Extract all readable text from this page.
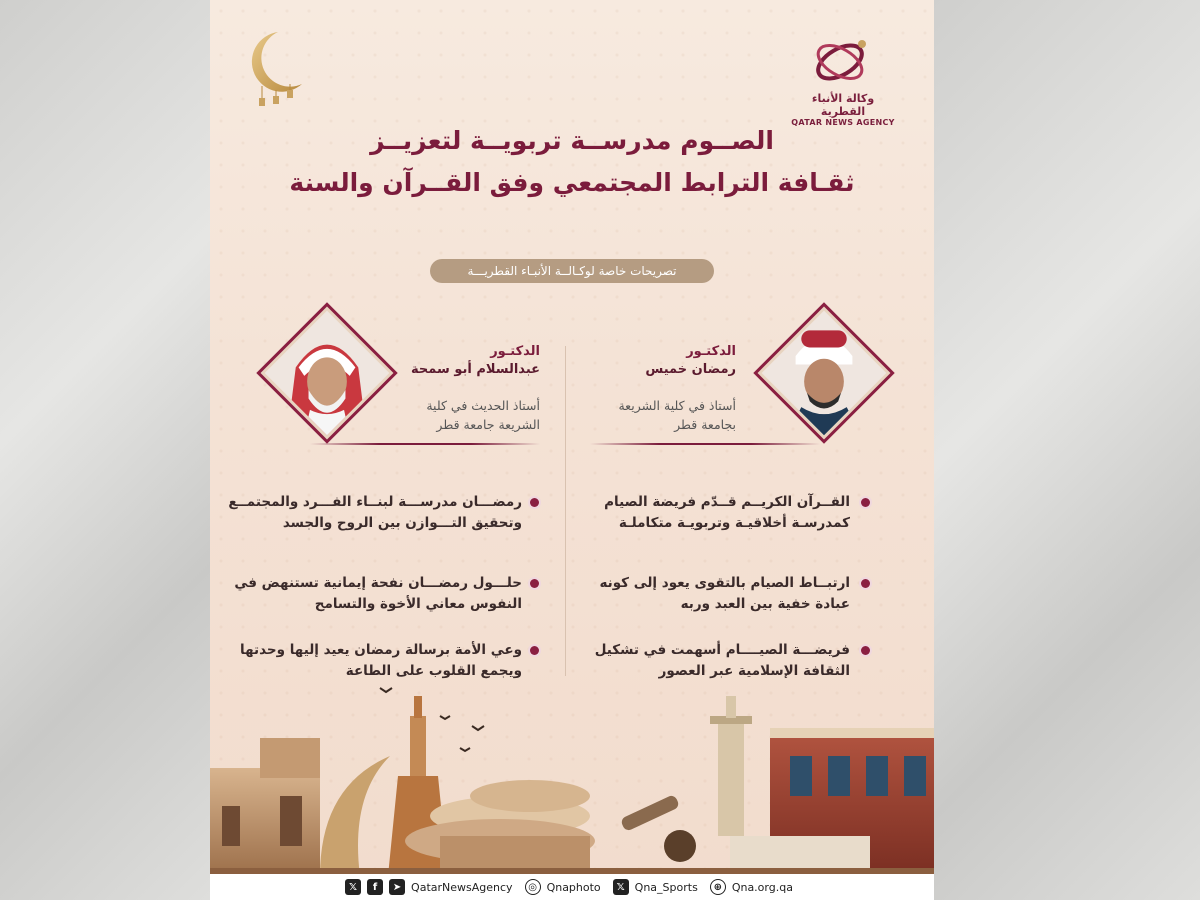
وكالة الأنباء القطرية
QATAR NEWS AGENCY
الصــوم مدرســة تربويــة لتعزيــز
ثقـافة الترابط المجتمعي وفق القــرآن والسنة
تصريحات خاصة لوكـالــة الأنبـاء القطريـــة
الدكتـور
عبدالسلام أبو سمحة
أستاذ الحديث في كلية
الشريعة جامعة قطر
الدكتـور
رمضان خميس
أستاذ في كلية الشريعة
بجامعة قطر
رمضـــان مدرســـة لبنــاء الفـــرد والمجتمــع
وتحقيق التـــوازن بين الروح والجسد
حلـــول رمضـــان نفحة إيمانية تستنهض في
النفوس معاني الأخوة والتسامح
وعي الأمة برسالة رمضان يعيد إليها وحدتها
ويجمع القلوب على الطاعة
القــرآن الكريــم قــدّم فريضة الصيام
كمدرسـة أخلاقيـة وتربويـة متكاملـة
ارتبــاط الصيام بالتقوى يعود إلى كونه
عبادة خفية بين العبد وربه
فريضـــة الصيــــام أسهمت في تشكيل
الثقافة الإسلامية عبر العصور
𝕏	f	➤ QatarNewsAgency	◎ Qnaphoto	𝕏 Qna_Sports	⊕ Qna.org.qa
